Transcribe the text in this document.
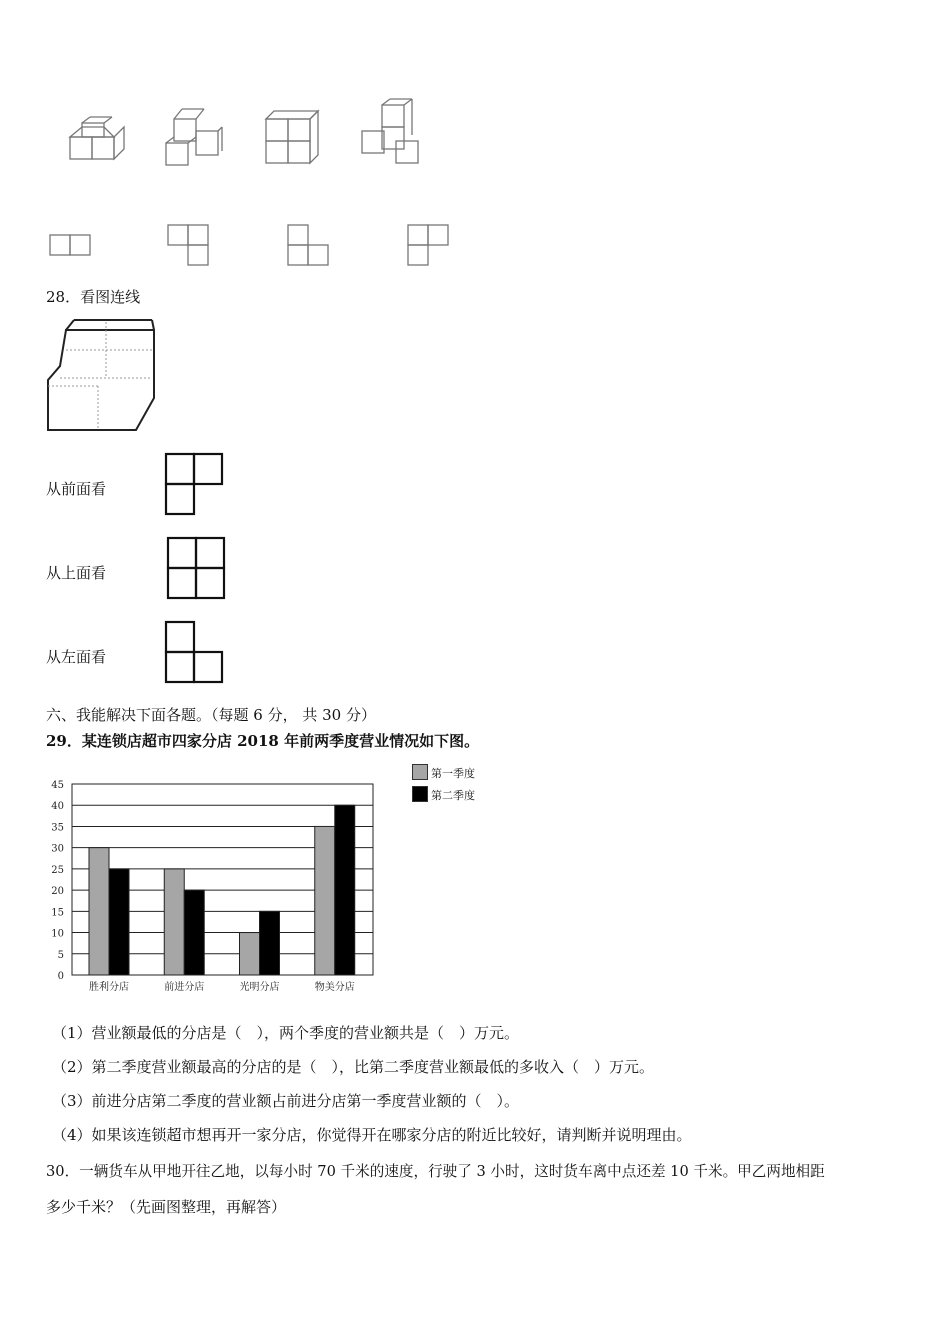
28．看图连线
从前面看
从上面看
从左面看
六、我能解决下面各题。（每题 6 分， 共 30 分）
29．某连锁店超市四家分店 2018 年前两季度营业情况如下图。
0
5
10
15
20
25
30
35
40
45
胜利分店	前进分店	光明分店	物美分店
第一季度
第二季度
（1）营业额最低的分店是（　），两个季度的营业额共是（　）万元。
（2）第二季度营业额最高的分店的是（　），比第二季度营业额最低的多收入（　）万元。
（3）前进分店第二季度的营业额占前进分店第一季度营业额的（　）。
（4）如果该连锁超市想再开一家分店，你觉得开在哪家分店的附近比较好，请判断并说明理由。
30．一辆货车从甲地开往乙地，以每小时 70 千米的速度，行驶了 3 小时，这时货车离中点还差 10 千米。甲乙两地相距
多少千米？（先画图整理，再解答）
